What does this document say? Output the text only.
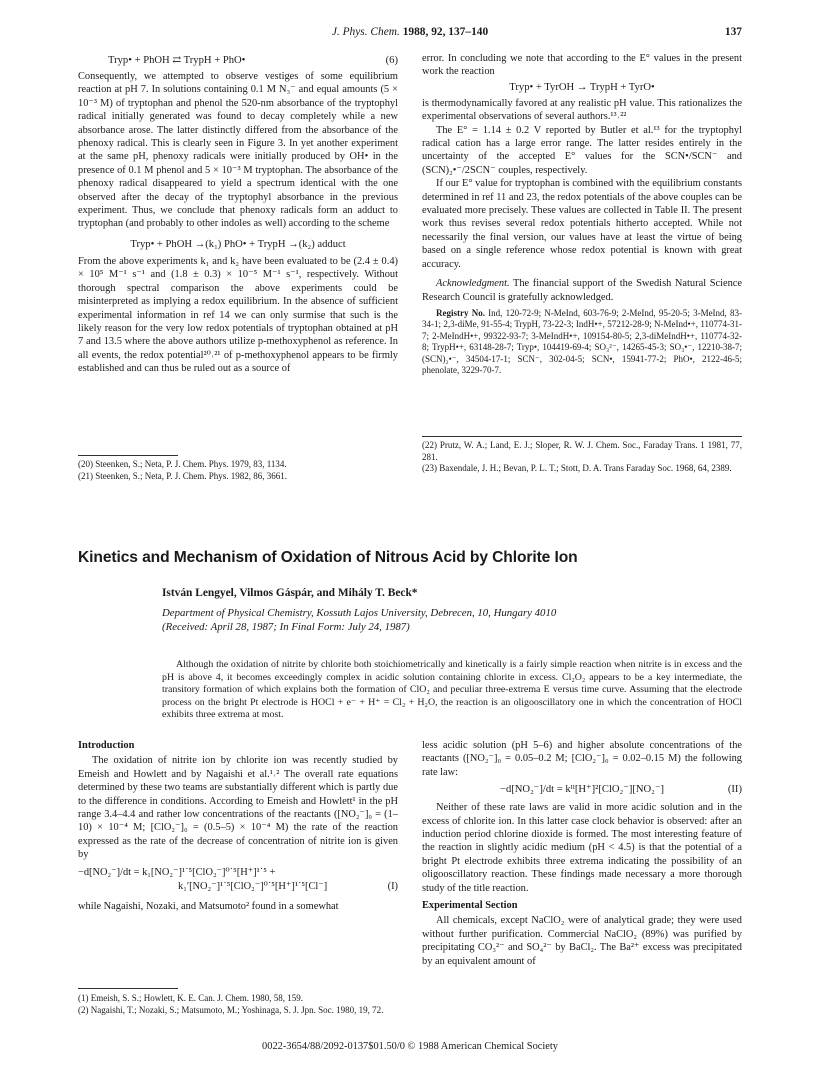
J. Phys. Chem. 1988, 92, 137–140	137
Tryp• + PhOH ⇄ TrypH + PhO•	(6)

Consequently, we attempted to observe vestiges of some equilibrium reaction at pH 7. In solutions containing 0.1 M N₃⁻ and equal amounts (5 × 10⁻³ M) of tryptophan and phenol the 520-nm absorbance of the tryptophyl radical initially generated was found to decay completely while a new absorbance arose. The latter distinctly differed from the absorbance of the phenoxy radical. This is clearly seen in Figure 3. In yet another experiment at the same pH, phenoxy radicals were initially produced by OH• in the presence of 0.1 M phenol and 5 × 10⁻³ M tryptophan. The absorbance of the phenoxy radical disappeared to yield a spectrum identical with the one observed after the decay of the tryptophyl absorbance in the previous experiment. Thus, we conclude that phenoxy radicals form an adduct to tryptophan (and probably to other indoles as well) according to the scheme

Tryp• + PhOH →(k₁) PhO• + TrypH →(k₂) adduct

From the above experiments k₁ and k₂ have been evaluated to be (2.4 ± 0.4) × 10⁵ M⁻¹ s⁻¹ and (1.8 ± 0.3) × 10⁻⁵ M⁻¹ s⁻¹, respectively. Without thorough spectral comparison the above experiments could be misinterpreted as implying a redox equilibrium. In the absence of sufficient experimental information in ref 14 we can only surmise that such is the likely reason for the very low redox potentials of tryptophan obtained at pH 7 and 13.5 where the above authors utilize p-methoxyphenol as reference. In all events, the redox potential²⁰˒²¹ of p-methoxyphenol appears to be firmly established and can thus be ruled out as a source of

(20) Steenken, S.; Neta, P. J. Chem. Phys. 1979, 83, 1134.
(21) Steenken, S.; Neta, P. J. Chem. Phys. 1982, 86, 3661.

error. In concluding we note that according to the E° values in the present work the reaction

Tryp• + TyrOH → TrypH + TyrO•

is thermodynamically favored at any realistic pH value. This rationalizes the experimental observations of several authors.¹³˒²²

The E° = 1.14 ± 0.2 V reported by Butler et al.¹³ for the tryptophyl radical cation has a large error range. The latter resides entirely in the uncertainty of the accepted E° values for the SCN•/SCN⁻ and (SCN)₂•⁻/2SCN⁻ couples, respectively.

If our E° value for tryptophan is combined with the equilibrium constants determined in ref 11 and 23, the redox potentials of the above couples can be evaluated more precisely. These values are collected in Table II. The present work thus revises several redox potentials hitherto accepted. While not necessarily the final version, our values have at least the virtue of being based on a single reference whose redox potential is known with great accuracy.

Acknowledgment. The financial support of the Swedish Natural Science Research Council is gratefully acknowledged.

Registry No. Ind, 120-72-9; N-MeInd, 603-76-9; 2-MeInd, 95-20-5; 3-MeInd, 83-34-1; 2,3-diMe, 91-55-4; TrypH, 73-22-3; IndH•+, 57212-28-9; N-MeInd•+, 110774-31-7; 2-MeIndH•+, 99322-93-7; 3-MeIndH•+, 109154-80-5; 2,3-diMeIndH•+, 110774-32-8; TrypH•+, 63148-28-7; Tryp•, 104419-69-4; SO₃²⁻, 14265-45-3; SO₃•⁻, 12210-38-7; (SCN)₂•⁻, 34504-17-1; SCN⁻, 302-04-5; SCN•, 15941-77-2; PhO•, 2122-46-5; phenolate, 3229-70-7.
(22) Prutz, W. A.; Land, E. J.; Sloper, R. W. J. Chem. Soc., Faraday Trans. 1 1981, 77, 281.
(23) Baxendale, J. H.; Bevan, P. L. T.; Stott, D. A. Trans Faraday Soc. 1968, 64, 2389.
Kinetics and Mechanism of Oxidation of Nitrous Acid by Chlorite Ion
István Lengyel, Vilmos Gáspár, and Mihály T. Beck*
Department of Physical Chemistry, Kossuth Lajos University, Debrecen, 10, Hungary 4010
(Received: April 28, 1987; In Final Form: July 24, 1987)

Although the oxidation of nitrite by chlorite both stoichiometrically and kinetically is a fairly simple reaction when nitrite is in excess and the pH is above 4, it becomes exceedingly complex in acidic solution containing chlorite in excess. Cl₂O₂ appears to be a key intermediate, the transitory formation of which explains both the formation of ClO₂ and peculiar three-extrema E versus time curve. Assuming that the electrode process on the bright Pt electrode is HOCl + e⁻ + H⁺ = Cl₂ + H₂O, the reaction is an oligooscillatory one in which the concentration of HOCl exhibits three extrema at most.

Introduction

The oxidation of nitrite ion by chlorite ion was recently studied by Emeish and Howlett and by Nagaishi et al.¹˒² The overall rate equations determined by these two teams are substantially different which is partly due to the difference in conditions. According to Emeish and Howlett¹ in the pH range 3.4–4.4 and rather low concentrations of the reactants ([NO₂⁻]₀ = (1–10) × 10⁻⁴ M; [ClO₂⁻]₀ = (0.5–5) × 10⁻⁴ M) the rate of the reaction expressed as the rate of the decrease of concentration of nitrite ion is given by

−d[NO₂⁻]/dt = k₁[NO₂⁻]¹˙⁵[ClO₂⁻]⁰˙⁵[H⁺]¹˙⁵ +
k₁′[NO₂⁻]¹˙⁵[ClO₂⁻]⁰˙⁵[H⁺]¹˙⁵[Cl⁻]	(I)

while Nagaishi, Nozaki, and Matsumoto² found in a somewhat

(1) Emeish, S. S.; Howlett, K. E. Can. J. Chem. 1980, 58, 159.
(2) Nagaishi, T.; Nozaki, S.; Matsumoto, M.; Yoshinaga, S. J. Jpn. Soc. 1980, 19, 72.

less acidic solution (pH 5–6) and higher absolute concentrations of the reactants ([NO₂⁻]₀ = 0.05–0.2 M; [ClO₂⁻]₀ = 0.02–0.15 M) the following rate law:

−d[NO₂⁻]/dt = kᴵᴵ[H⁺]²[ClO₂⁻][NO₂⁻]	(II)

Neither of these rate laws are valid in more acidic solution and in the excess of chlorite ion. In this latter case clock behavior is observed: after an induction period chlorine dioxide is formed. The most interesting feature of the reaction in slightly acidic medium (pH < 4.5) is that the potential of a bright Pt electrode exhibits three extrema indicating the possibility of an oligooscillatory reaction. These findings made necessary a more thorough study of the title reaction.

Experimental Section

All chemicals, except NaClO₂ were of analytical grade; they were used without further purification. Commercial NaClO₂ (89%) was purified by precipitating CO₃²⁻ and SO₄²⁻ by BaCl₂. The Ba²⁺ excess was precipitated by an equivalent amount of

0022-3654/88/2092-0137$01.50/0 © 1988 American Chemical Society
